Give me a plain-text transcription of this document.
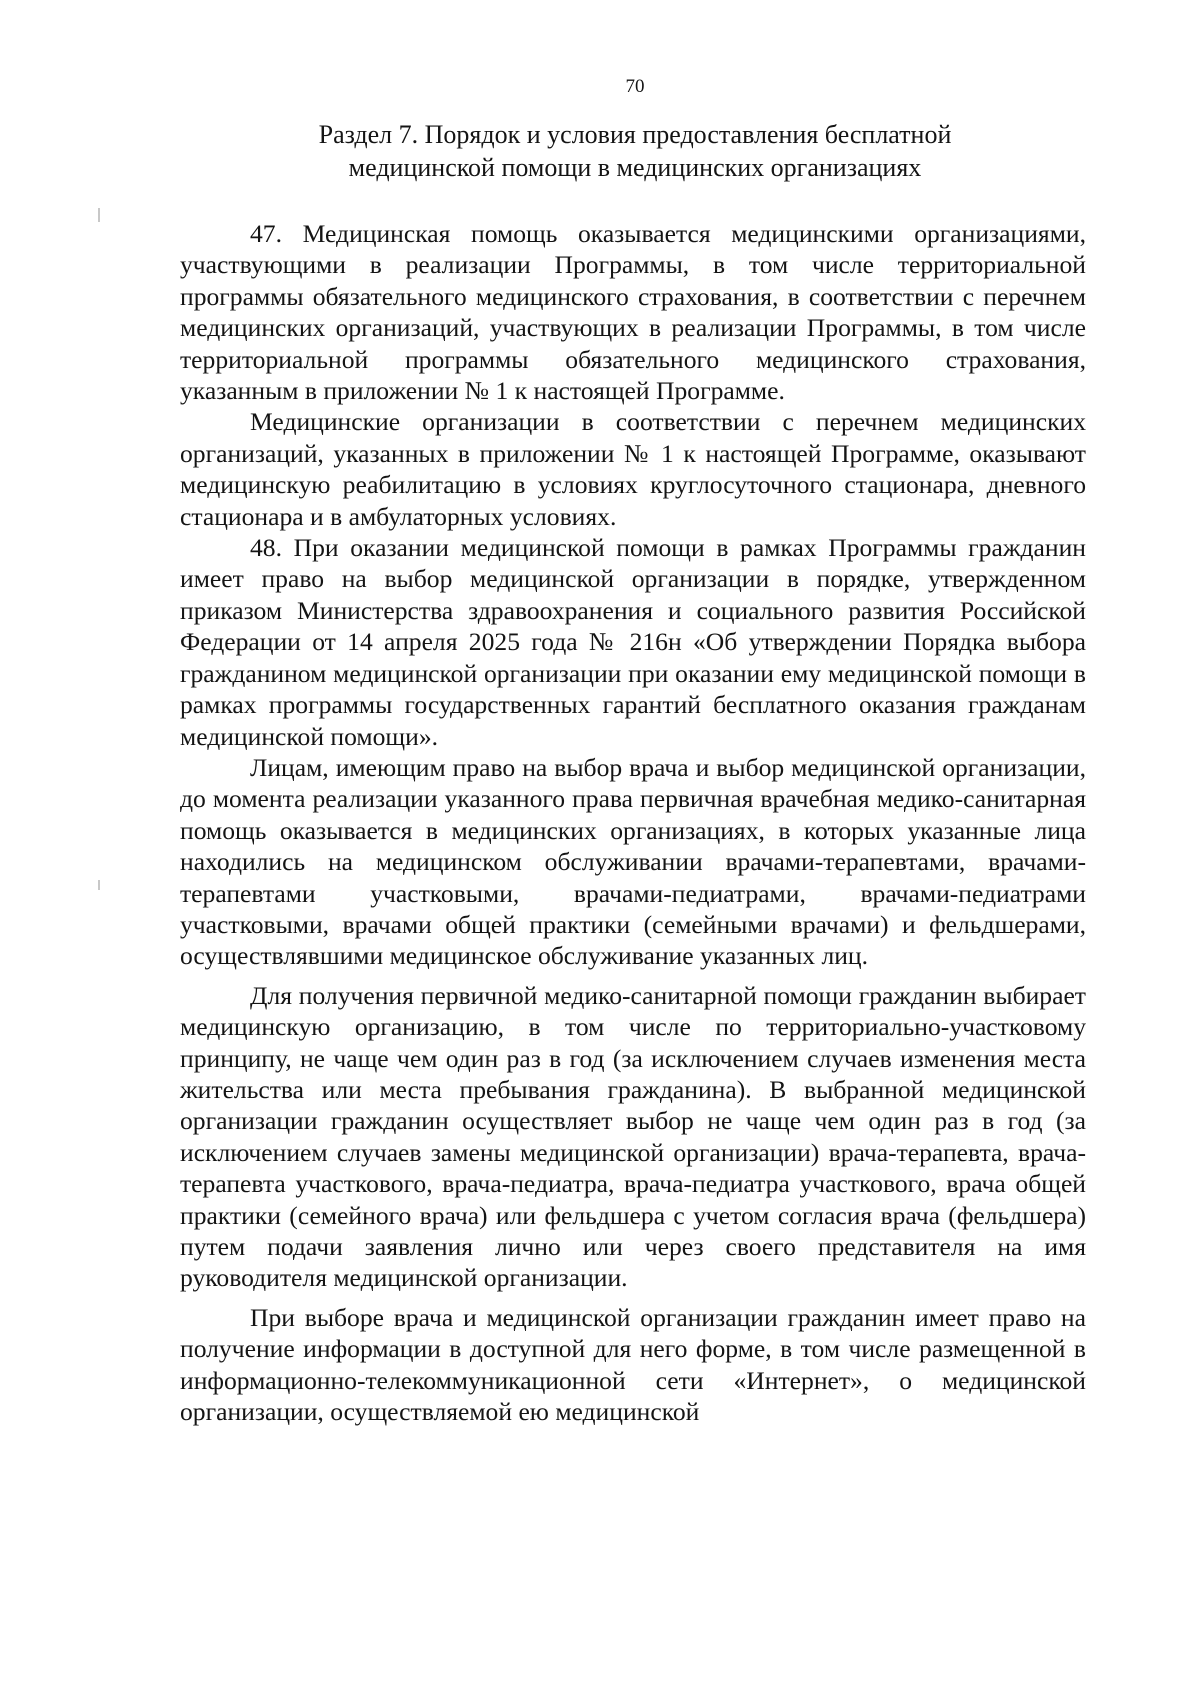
70
Раздел 7. Порядок и условия предоставления бесплатной
медицинской помощи в медицинских организациях

47. Медицинская помощь оказывается медицинскими организациями, участвующими в реализации Программы, в том числе территориальной программы обязательного медицинского страхования, в соответствии с перечнем медицинских организаций, участвующих в реализации Программы, в том числе территориальной программы обязательного медицинского страхования, указанным в приложении № 1 к настоящей Программе.

Медицинские организации в соответствии с перечнем медицинских организаций, указанных в приложении № 1 к настоящей Программе, оказывают медицинскую реабилитацию в условиях круглосуточного стационара, дневного стационара и в амбулаторных условиях.

48. При оказании медицинской помощи в рамках Программы гражданин имеет право на выбор медицинской организации в порядке, утвержденном приказом Министерства здравоохранения и социального развития Российской Федерации от 14 апреля 2025 года № 216н «Об утверждении Порядка выбора гражданином медицинской организации при оказании ему медицинской помощи в рамках программы государственных гарантий бесплатного оказания гражданам медицинской помощи».

Лицам, имеющим право на выбор врача и выбор медицинской организации, до момента реализации указанного права первичная врачебная медико-санитарная помощь оказывается в медицинских организациях, в которых указанные лица находились на медицинском обслуживании врачами-терапевтами, врачами-терапевтами участковыми, врачами-педиатрами, врачами-педиатрами участковыми, врачами общей практики (семейными врачами) и фельдшерами, осуществлявшими медицинское обслуживание указанных лиц.

Для получения первичной медико-санитарной помощи гражданин выбирает медицинскую организацию, в том числе по территориально-участковому принципу, не чаще чем один раз в год (за исключением случаев изменения места жительства или места пребывания гражданина). В выбранной медицинской организации гражданин осуществляет выбор не чаще чем один раз в год (за исключением случаев замены медицинской организации) врача-терапевта, врача-терапевта участкового, врача-педиатра, врача-педиатра участкового, врача общей практики (семейного врача) или фельдшера с учетом согласия врача (фельдшера) путем подачи заявления лично или через своего представителя на имя руководителя медицинской организации.

При выборе врача и медицинской организации гражданин имеет право на получение информации в доступной для него форме, в том числе размещенной в информационно-телекоммуникационной сети «Интернет», о медицинской организации, осуществляемой ею медицинской
